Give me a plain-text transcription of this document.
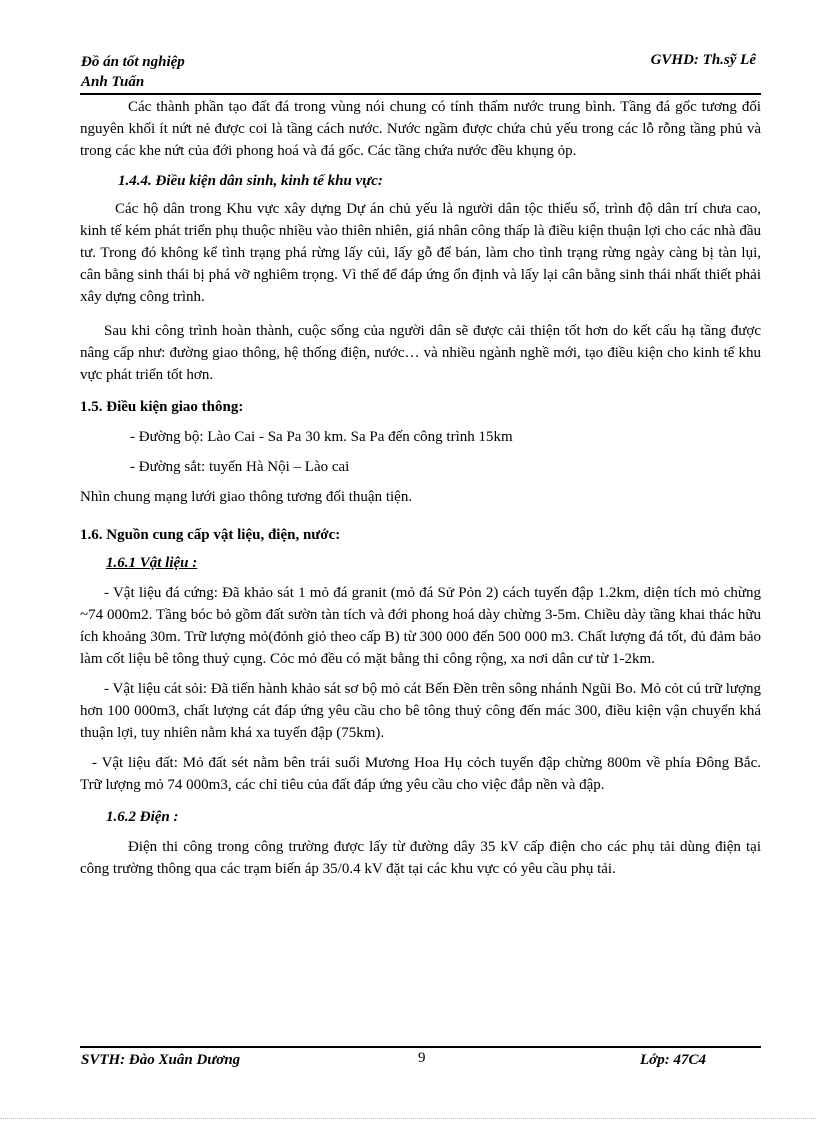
Đồ án tốt nghiệp
Anh Tuấn
GVHD: Th.sỹ Lê

Các thành phần tạo đất đá trong vùng nói chung có tính thấm nước trung bình. Tầng đá gốc tương đối nguyên khối ít nứt nẻ được coi là tầng cách nước. Nước ngầm được chứa chủ yếu trong các lỗ rỗng tầng phủ và trong các khe nứt của đới phong hoá và đá gốc. Các tầng chứa nước đều khụng ỏp.

1.4.4. Điều kiện dân sinh, kinh tế khu vực:

Các hộ dân trong Khu vực xây dựng Dự án chủ yếu là người dân tộc thiểu số, trình độ dân trí chưa cao, kinh tế kém phát triển phụ thuộc nhiều vào thiên nhiên, giá nhân công thấp là điều kiện thuận lợi cho các nhà đầu tư. Trong đó không kể tình trạng phá rừng lấy củi, lấy gỗ để bán, làm cho tình trạng rừng ngày càng bị tàn lụi, cân bằng sinh thái bị phá vỡ nghiêm trọng. Vì thế để đáp ứng ổn định và lấy lại cân bằng sinh thái nhất thiết phải xây dựng công trình.

Sau khi công trình hoàn thành, cuộc sống của người dân sẽ được cải thiện tốt hơn do kết cấu hạ tầng được nâng cấp như: đường giao thông, hệ thống điện, nước… và nhiều ngành nghề mới, tạo điều kiện cho kinh tế khu vực phát triển tốt hơn.

1.5. Điều kiện giao thông:
- Đường bộ: Lào Cai - Sa Pa 30 km. Sa Pa đến công trình 15km
- Đường sắt: tuyến Hà Nội – Lào cai

Nhìn chung mạng lưới giao thông tương đối thuận tiện.

1.6. Nguồn cung cấp vật liệu, điện, nước:
1.6.1 Vật liệu :

- Vật liệu đá cứng: Đã khảo sát 1 mỏ đá granit (mỏ đá Sử Pỏn 2) cách tuyến đập 1.2km, diện tích mỏ chừng ~74 000m2. Tầng bóc bỏ gồm đất sườn tàn tích và đới phong hoá dày chừng 3-5m. Chiều dày tầng khai thác hữu ích khoảng 30m. Trữ lượng mỏ(đỏnh giỏ theo cấp B) từ 300 000 đến 500 000 m3. Chất lượng đá tốt, đủ đảm bảo làm cốt liệu bê tông thuỷ cụng. Cỏc mỏ đều có mặt bằng thi công rộng, xa nơi dân cư từ 1-2km.

- Vật liệu cát sỏi: Đã tiến hành khảo sát sơ bộ mỏ cát Bến Đền trên sông nhánh Ngũi Bo. Mỏ cỏt cú trữ lượng hơn 100 000m3, chất lượng cát đáp ứng yêu cầu cho bê tông thuỷ công đến mác 300, điều kiện vận chuyển khá thuận lợi, tuy nhiên nằm khá xa tuyến đập (75km).

- Vật liệu đất: Mỏ đất sét nằm bên trái suối Mương Hoa Hụ cỏch tuyến đập chừng 800m về phía Đông Bắc. Trữ lượng mỏ 74 000m3, các chỉ tiêu của đất đáp ứng yêu cầu cho việc đắp nền và đập.

1.6.2 Điện :

Điện thi công trong công trường được lấy từ đường dây 35 kV cấp điện cho các phụ tải dùng điện tại công trường thông qua các trạm biến áp 35/0.4 kV đặt tại các khu vực có yêu cầu phụ tải.

SVTH: Đào Xuân Dương	9	Lớp: 47C4
